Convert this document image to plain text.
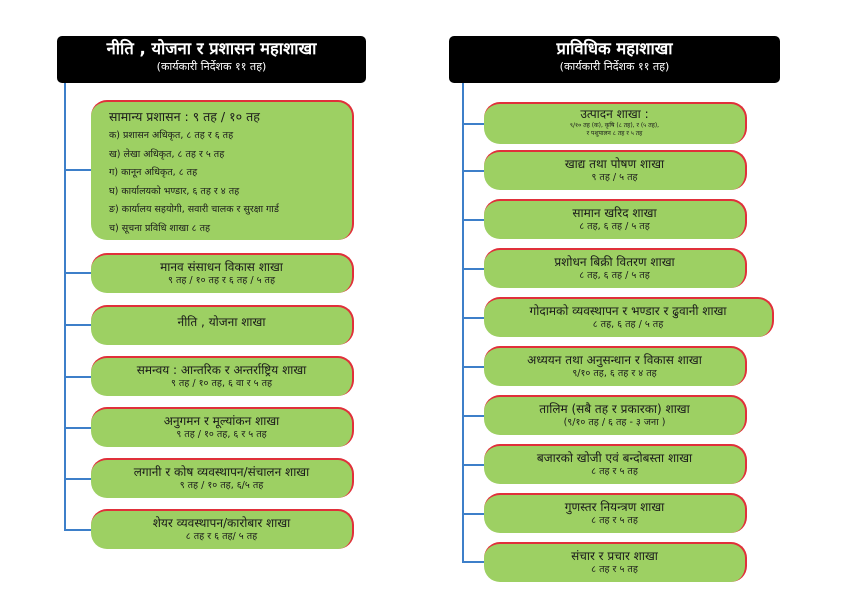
नीति , योजना र प्रशासन महाशाखा
(कार्यकारी निर्देशक ११ तह)
सामान्य प्रशासन : ९ तह / १० तह
क) प्रशासन अधिकृत, ८ तह र ६ तह
ख) लेखा अधिकृत, ८ तह र ५ तह
ग) कानून अधिकृत, ८ तह
घ) कार्यालयको भण्डार, ६ तह र ४ तह
ङ) कार्यालय सहयोगी, सवारी चालक र सुरक्षा गार्ड
च) सूचना प्रविधि शाखा ८ तह
मानव संसाधन विकास शाखा
९ तह / १० तह र ६ तह / ५ तह
नीति , योजना शाखा
समन्वय : आन्तरिक र अन्तर्राष्ट्रिय शाखा
९ तह / १० तह, ६ वा र ५ तह
अनुगमन र मूल्यांकन शाखा
९ तह / १० तह, ६ र ५ तह
लगानी र कोष व्यवस्थापन/संचालन शाखा
९ तह / १० तह, ६/५ तह
शेयर व्यवस्थापन/कारोबार शाखा
८ तह र ६ तह/ ५ तह
प्राविधिक महाशाखा
(कार्यकारी निर्देशक ११ तह)
उत्पादन शाखा :
९/१० तह (क), कृषि (८ तह), र (५ तह),
र पशुपालन ८ तह र ५ तह
खाद्य तथा पोषण शाखा
९ तह / ५ तह
सामान खरिद शाखा
८ तह, ६ तह / ५ तह
प्रशोधन बिक्री वितरण शाखा
८ तह, ६ तह / ५ तह
गोदामको व्यवस्थापन र भण्डार र ढुवानी शाखा
८ तह, ६ तह / ५ तह
अध्ययन तथा अनुसन्धान र विकास शाखा
९/१० तह, ६ तह र ४ तह
तालिम (सबै तह र प्रकारका) शाखा
(९/१० तह / ६ तह - ३ जना )
बजारको खोजी एवं बन्दोबस्ता शाखा
८ तह र ५ तह
गुणस्तर नियन्त्रण शाखा
८ तह र ५ तह
संचार र प्रचार शाखा
८ तह र ५ तह
